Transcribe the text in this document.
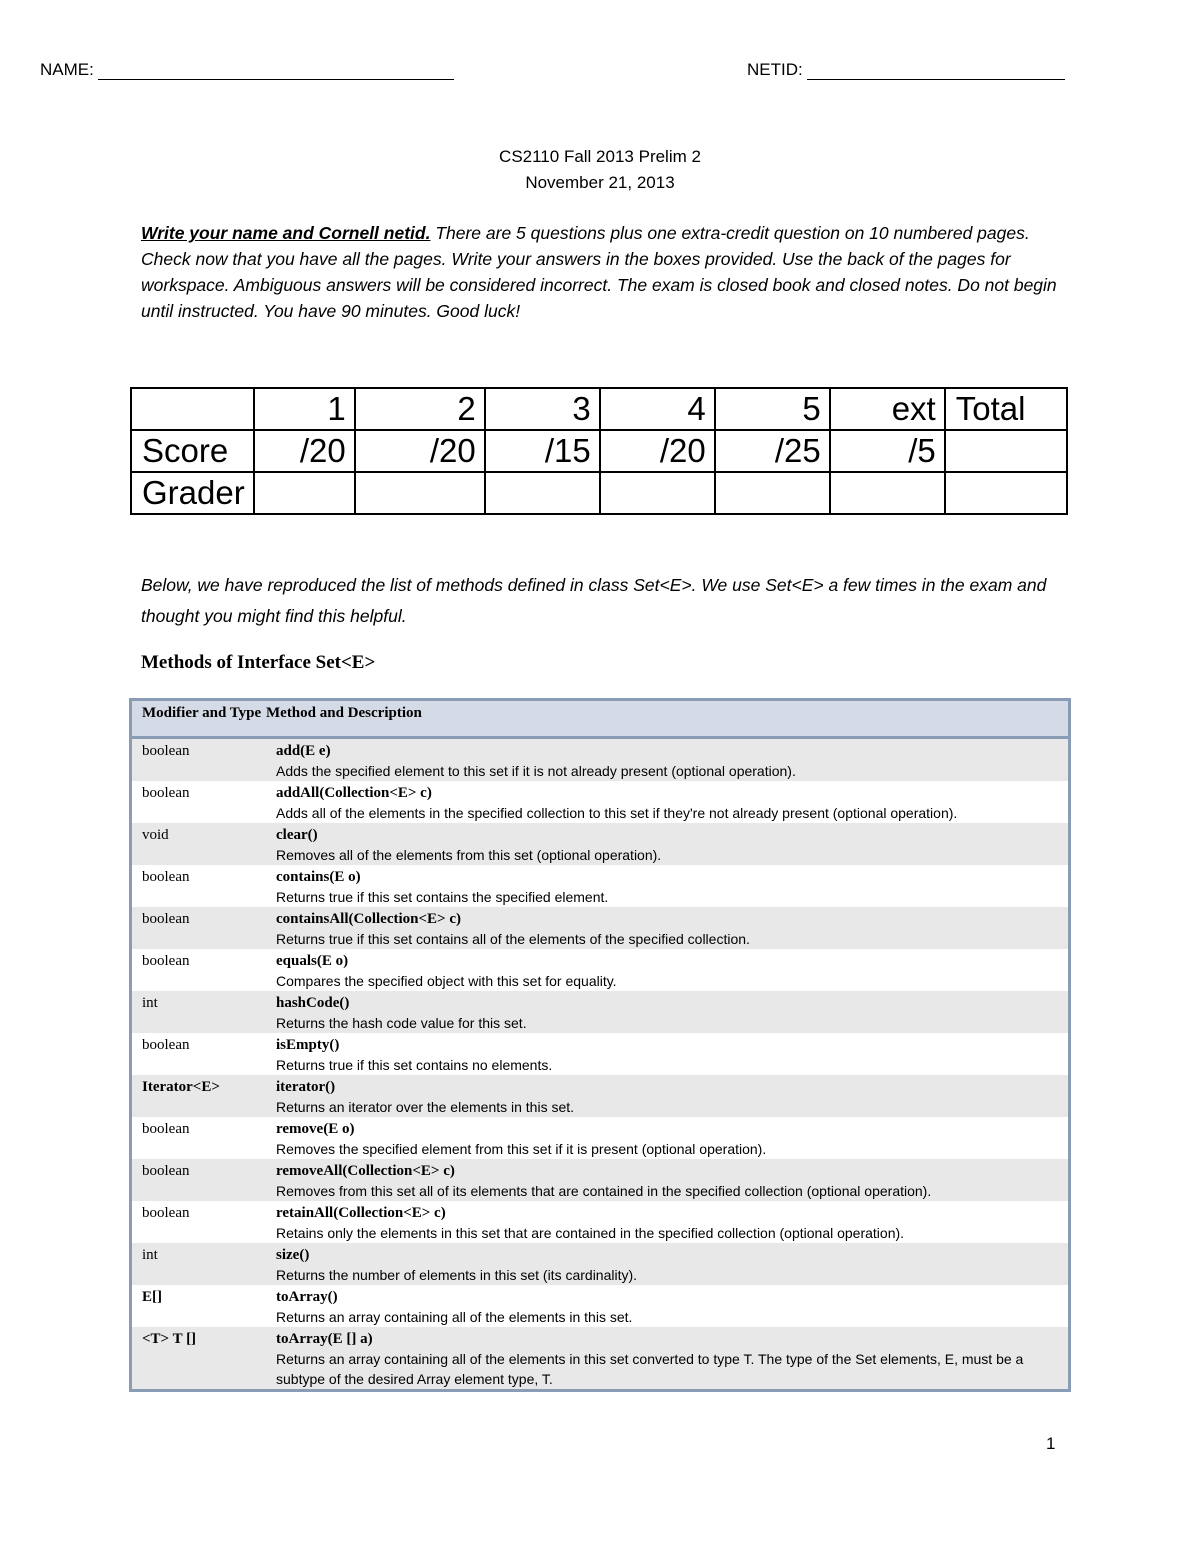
NAME:	NETID:
CS2110 Fall 2013 Prelim 2
November 21, 2013
Write your name and Cornell netid. There are 5 questions plus one extra-credit question on 10 numbered pages. Check now that you have all the pages. Write your answers in the boxes provided. Use the back of the pages for workspace. Ambiguous answers will be considered incorrect. The exam is closed book and closed notes. Do not begin until instructed. You have 90 minutes. Good luck!
	1	2	3	4	5	ext	Total
Score	/20	/20	/15	/20	/25	/5	
Grader							
Below, we have reproduced the list of methods defined in class Set<E>. We use Set<E> a few times in the exam and thought you might find this helpful.
Methods of Interface Set<E>
Modifier and Type Method and Description
boolean	add(E e)
Adds the specified element to this set if it is not already present (optional operation).
boolean	addAll(Collection<E> c)
Adds all of the elements in the specified collection to this set if they're not already present (optional operation).
void	clear()
Removes all of the elements from this set (optional operation).
boolean	contains(E o)
Returns true if this set contains the specified element.
boolean	containsAll(Collection<E> c)
Returns true if this set contains all of the elements of the specified collection.
boolean	equals(E o)
Compares the specified object with this set for equality.
int	hashCode()
Returns the hash code value for this set.
boolean	isEmpty()
Returns true if this set contains no elements.
Iterator<E>	iterator()
Returns an iterator over the elements in this set.
boolean	remove(E o)
Removes the specified element from this set if it is present (optional operation).
boolean	removeAll(Collection<E> c)
Removes from this set all of its elements that are contained in the specified collection (optional operation).
boolean	retainAll(Collection<E> c)
Retains only the elements in this set that are contained in the specified collection (optional operation).
int	size()
Returns the number of elements in this set (its cardinality).
E[]	toArray()
Returns an array containing all of the elements in this set.
<T> T []	toArray(E [] a)
Returns an array containing all of the elements in this set converted to type T. The type of the Set elements, E, must be a subtype of the desired Array element type, T.
1
